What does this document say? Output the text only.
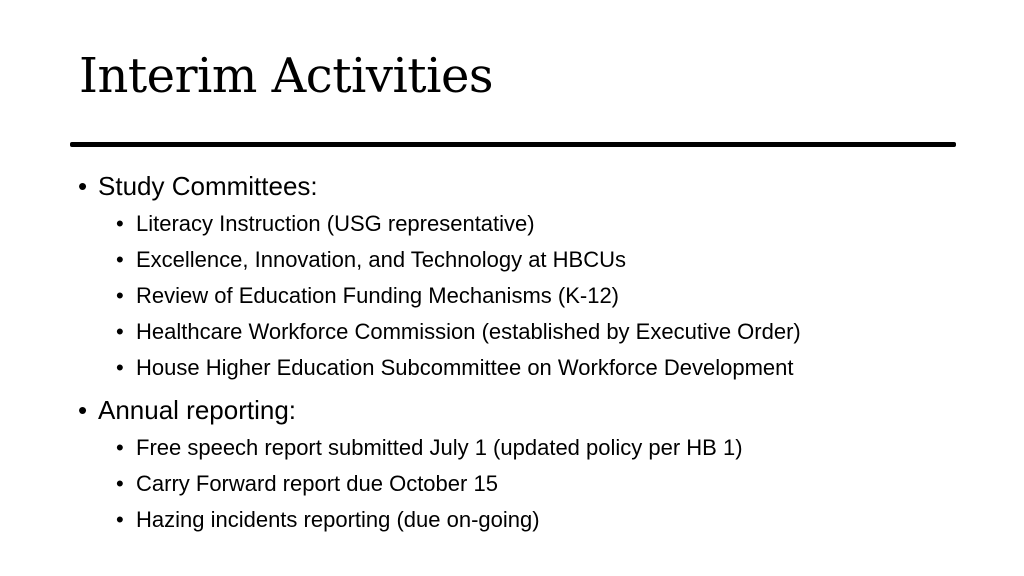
Interim Activities
• Study Committees:
• Literacy Instruction (USG representative)
• Excellence, Innovation, and Technology at HBCUs
• Review of Education Funding Mechanisms (K-12)
• Healthcare Workforce Commission (established by Executive Order)
• House Higher Education Subcommittee on Workforce Development
• Annual reporting:
• Free speech report submitted July 1 (updated policy per HB 1)
• Carry Forward report due October 15
• Hazing incidents reporting (due on-going)
